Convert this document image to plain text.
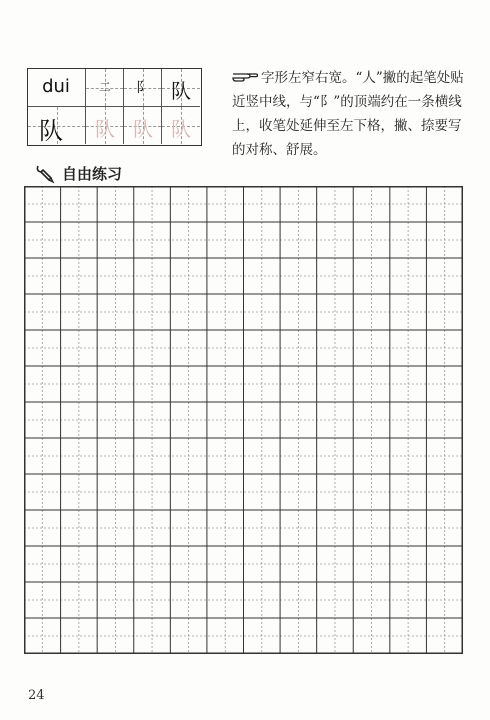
dui	二	阝	队
队	队 队 队
字形左窄右宽。“人”撇的起笔处贴近竖中线，与“阝”的顶端约在一条横线上，收笔处延伸至左下格，撇、捺要写的对称、舒展。
自由练习
24
